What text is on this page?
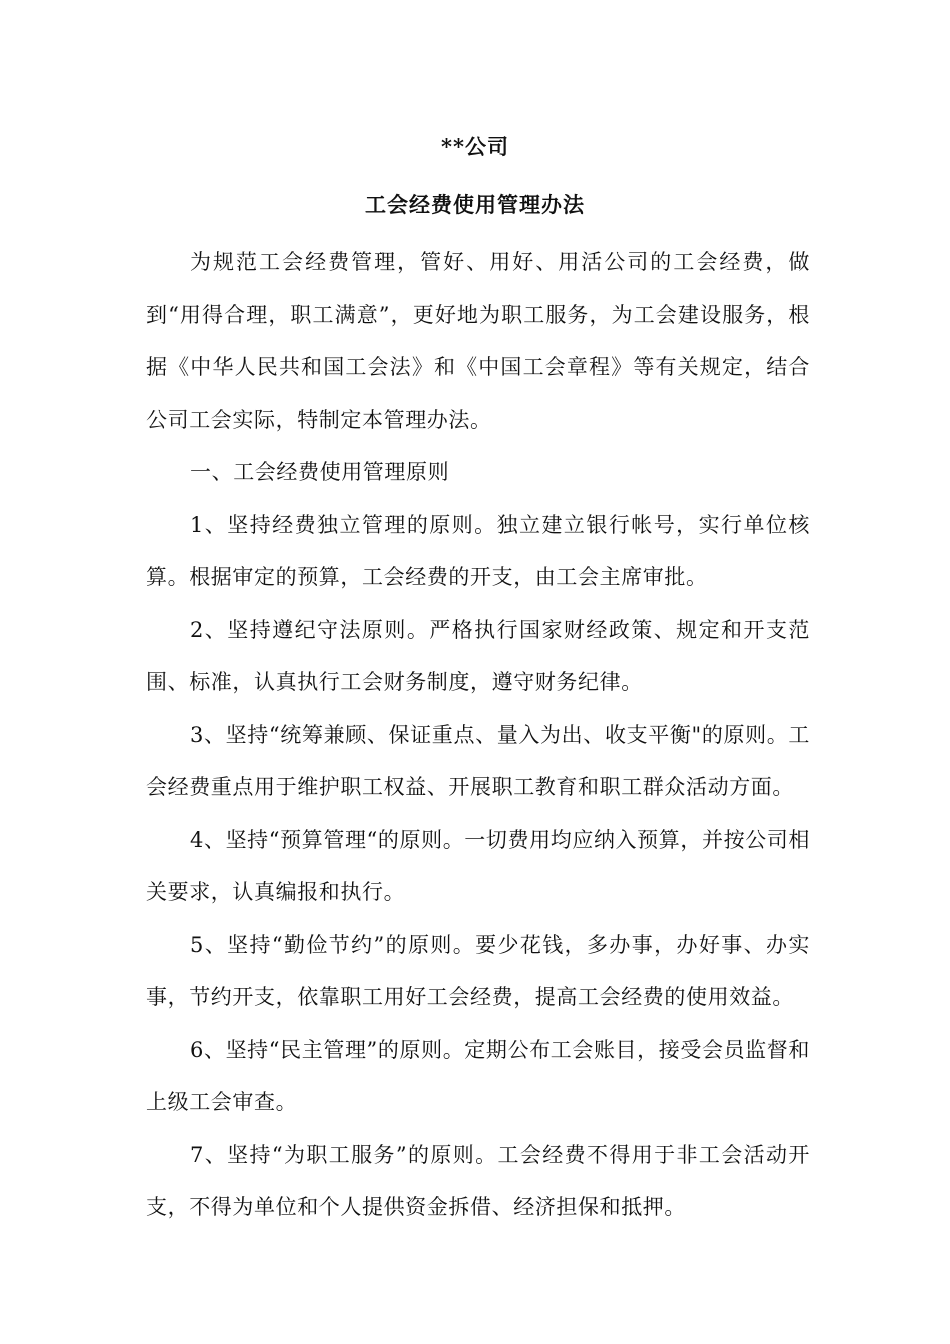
**公司
工会经费使用管理办法

为规范工会经费管理，管好、用好、用活公司的工会经费，做到“用得合理，职工满意”，更好地为职工服务，为工会建设服务，根据《中华人民共和国工会法》和《中国工会章程》等有关规定，结合公司工会实际，特制定本管理办法。

一、工会经费使用管理原则

1、坚持经费独立管理的原则。独立建立银行帐号，实行单位核算。根据审定的预算，工会经费的开支，由工会主席审批。

2、坚持遵纪守法原则。严格执行国家财经政策、规定和开支范围、标准，认真执行工会财务制度，遵守财务纪律。

3、坚持“统筹兼顾、保证重点、量入为出、收支平衡"的原则。工会经费重点用于维护职工权益、开展职工教育和职工群众活动方面。

4、坚持“预算管理“的原则。一切费用均应纳入预算，并按公司相关要求，认真编报和执行。

5、坚持“勤俭节约”的原则。要少花钱，多办事，办好事、办实事，节约开支，依靠职工用好工会经费，提高工会经费的使用效益。

6、坚持“民主管理”的原则。定期公布工会账目，接受会员监督和上级工会审查。

7、坚持“为职工服务”的原则。工会经费不得用于非工会活动开支，不得为单位和个人提供资金拆借、经济担保和抵押。
